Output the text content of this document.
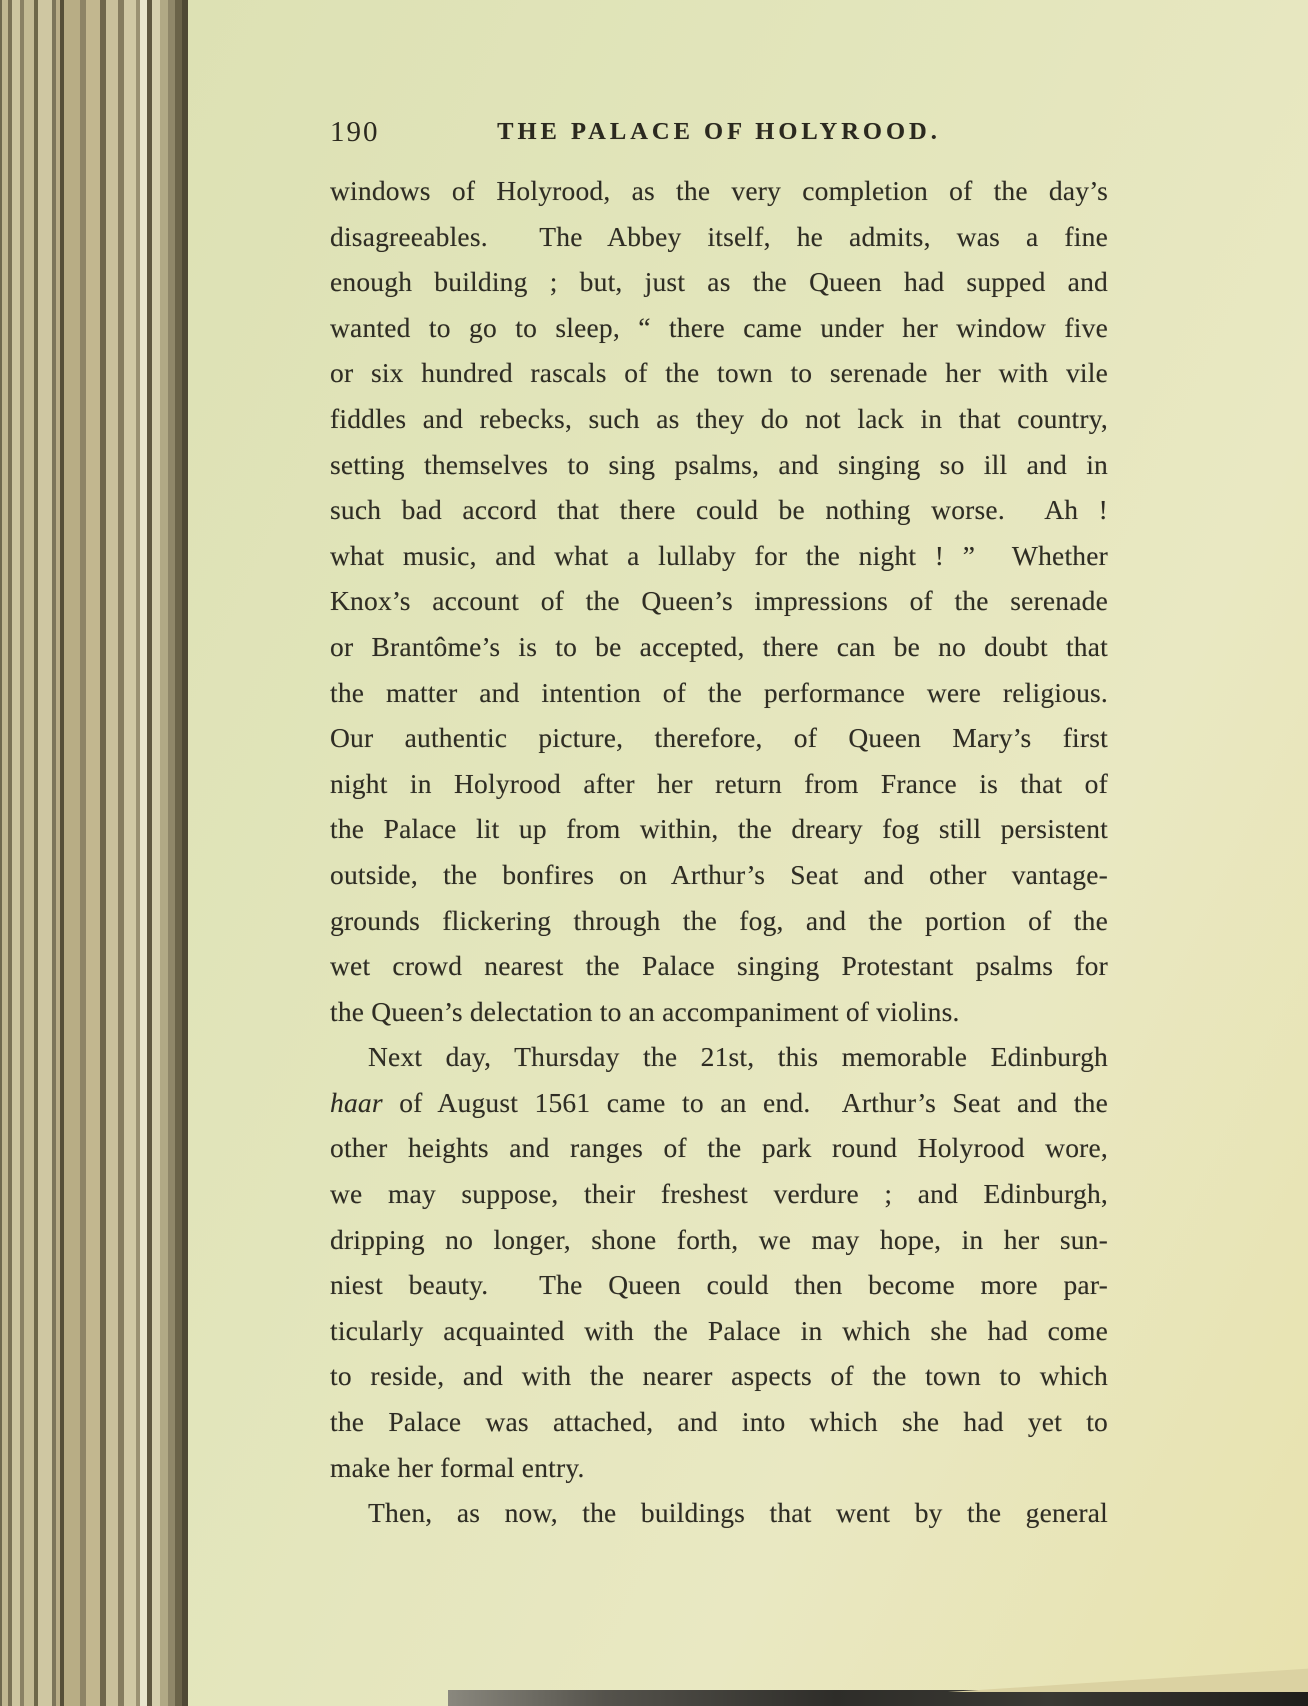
190	THE PALACE OF HOLYROOD.
windows of Holyrood, as the very completion of the day’s
disagreeables.  The Abbey itself, he admits, was a fine
enough building ; but, just as the Queen had supped and
wanted to go to sleep, “ there came under her window five
or six hundred rascals of the town to serenade her with vile
fiddles and rebecks, such as they do not lack in that country,
setting themselves to sing psalms, and singing so ill and in
such bad accord that there could be nothing worse.  Ah !
what music, and what a lullaby for the night ! ”  Whether
Knox’s account of the Queen’s impressions of the serenade
or Brantôme’s is to be accepted, there can be no doubt that
the matter and intention of the performance were religious.
Our authentic picture, therefore, of Queen Mary’s first
night in Holyrood after her return from France is that of
the Palace lit up from within, the dreary fog still persistent
outside, the bonfires on Arthur’s Seat and other vantage-
grounds flickering through the fog, and the portion of the
wet crowd nearest the Palace singing Protestant psalms for
the Queen’s delectation to an accompaniment of violins.
Next day, Thursday the 21st, this memorable Edinburgh
haar of August 1561 came to an end.  Arthur’s Seat and the
other heights and ranges of the park round Holyrood wore,
we may suppose, their freshest verdure ; and Edinburgh,
dripping no longer, shone forth, we may hope, in her sun-
niest beauty.  The Queen could then become more par-
ticularly acquainted with the Palace in which she had come
to reside, and with the nearer aspects of the town to which
the Palace was attached, and into which she had yet to
make her formal entry.
Then, as now, the buildings that went by the general
